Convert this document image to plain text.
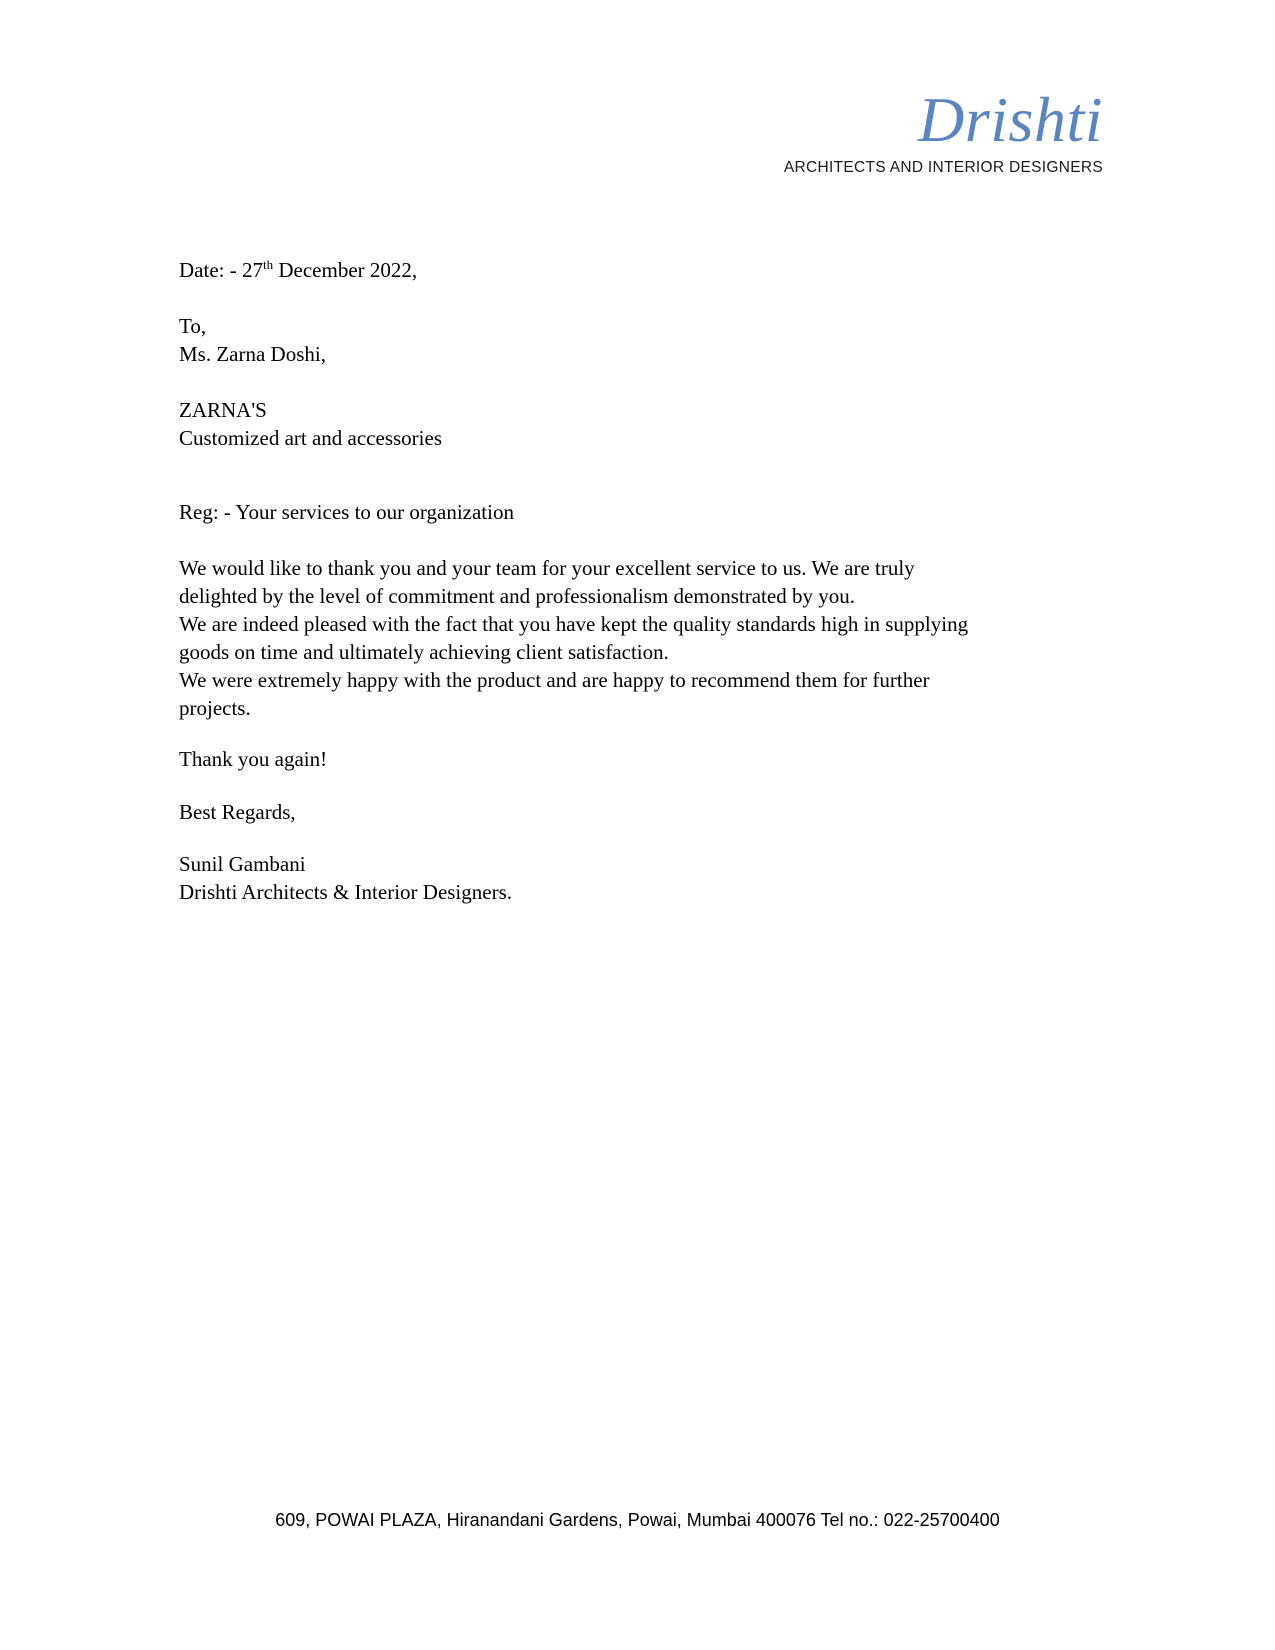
Drishti
ARCHITECTS AND INTERIOR DESIGNERS
Date: - 27th December 2022,
To,
Ms. Zarna Doshi,
ZARNA'S
Customized art and accessories
Reg: - Your services to our organization
We would like to thank you and your team for your excellent service to us. We are truly
delighted by the level of commitment and professionalism demonstrated by you.
We are indeed pleased with the fact that you have kept the quality standards high in supplying
goods on time and ultimately achieving client satisfaction.
We were extremely happy with the product and are happy to recommend them for further
projects.
Thank you again!
Best Regards,
Sunil Gambani
Drishti Architects & Interior Designers.
609, POWAI PLAZA, Hiranandani Gardens, Powai, Mumbai 400076 Tel no.: 022-25700400
